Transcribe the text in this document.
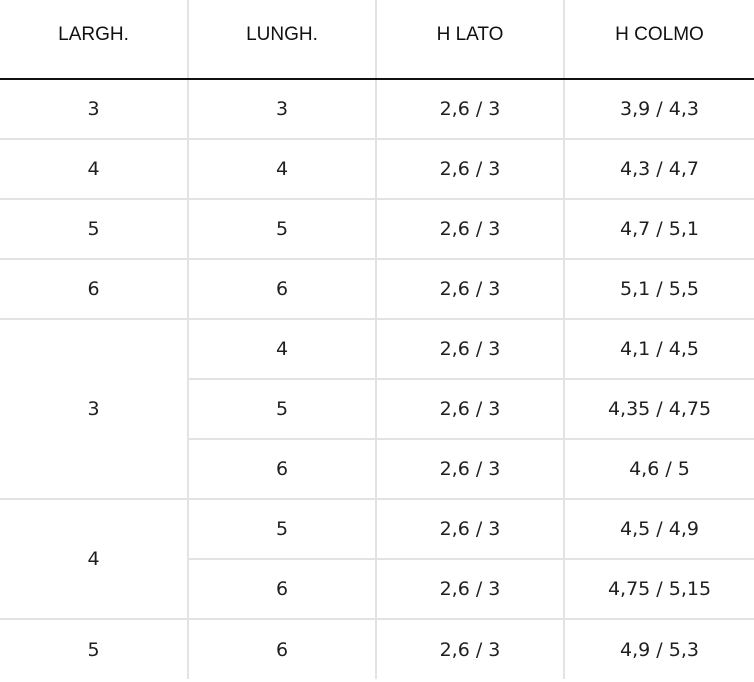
LARGH.	LUNGH.	H LATO	H COLMO
3	3	2,6 / 3	3,9 / 4,3
4	4	2,6 / 3	4,3 / 4,7
5	5	2,6 / 3	4,7 / 5,1
6	6	2,6 / 3	5,1 / 5,5
3	4	2,6 / 3	4,1 / 4,5
	5	2,6 / 3	4,35 / 4,75
	6	2,6 / 3	4,6 / 5
4	5	2,6 / 3	4,5 / 4,9
	6	2,6 / 3	4,75 / 5,15
5	6	2,6 / 3	4,9 / 5,3
